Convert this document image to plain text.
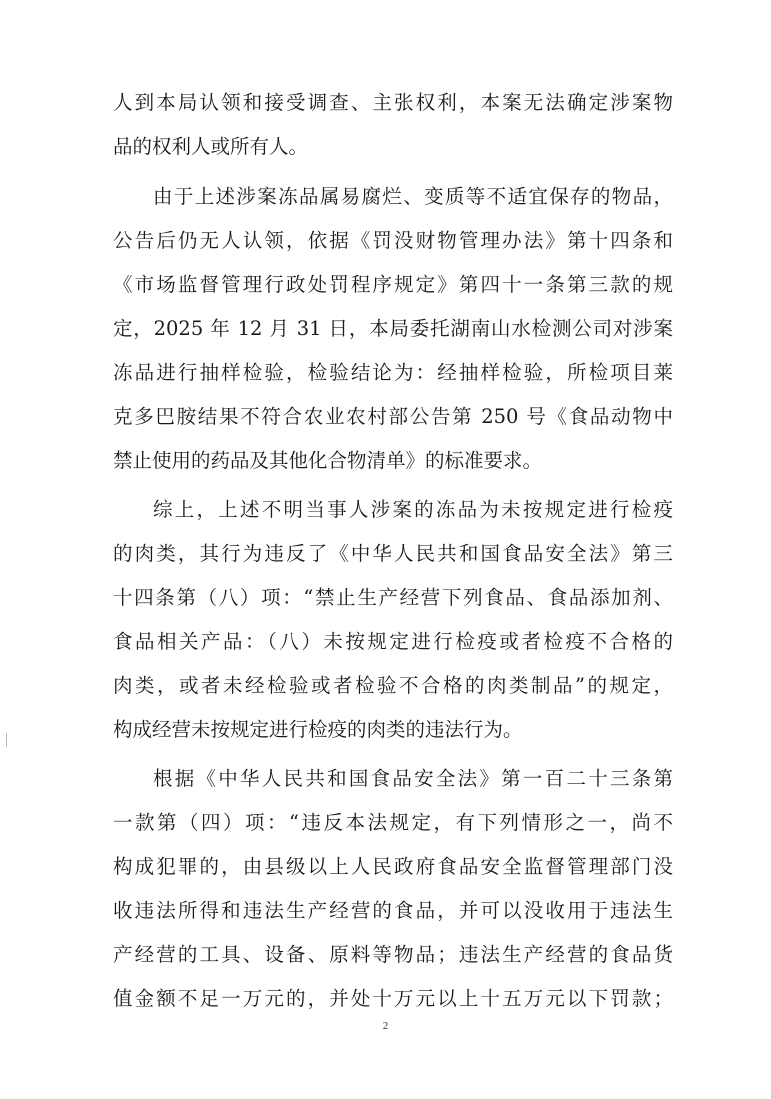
人到本局认领和接受调查、主张权利，本案无法确定涉案物
品的权利人或所有人。
由于上述涉案冻品属易腐烂、变质等不适宜保存的物品，
公告后仍无人认领，依据《罚没财物管理办法》第十四条和
《市场监督管理行政处罚程序规定》第四十一条第三款的规
定，2025 年 12 月 31 日，本局委托湖南山水检测公司对涉案
冻品进行抽样检验，检验结论为：经抽样检验，所检项目莱
克多巴胺结果不符合农业农村部公告第 250 号《食品动物中
禁止使用的药品及其他化合物清单》的标准要求。
综上，上述不明当事人涉案的冻品为未按规定进行检疫
的肉类，其行为违反了《中华人民共和国食品安全法》第三
十四条第（八）项：“禁止生产经营下列食品、食品添加剂、
食品相关产品：（八）未按规定进行检疫或者检疫不合格的
肉类，或者未经检验或者检验不合格的肉类制品”的规定，
构成经营未按规定进行检疫的肉类的违法行为。
根据《中华人民共和国食品安全法》第一百二十三条第
一款第（四）项：“违反本法规定，有下列情形之一，尚不
构成犯罪的，由县级以上人民政府食品安全监督管理部门没
收违法所得和违法生产经营的食品，并可以没收用于违法生
产经营的工具、设备、原料等物品；违法生产经营的食品货
值金额不足一万元的，并处十万元以上十五万元以下罚款；
2
